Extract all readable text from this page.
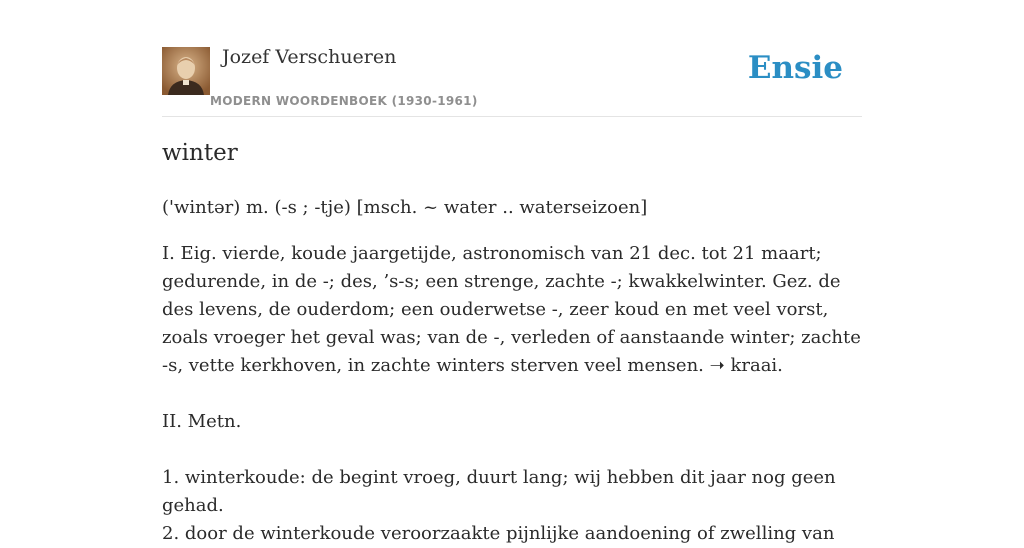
Jozef Verschueren
MODERN WOORDENBOEK (1930-1961)
Ensie
winter

('wintər) m. (-s ; -tje) [msch. ~ water .. waterseizoen]

I. Eig. vierde, koude jaargetijde, astronomisch van 21 dec. tot 21 maart; gedurende, in de -; des, ’s-s; een strenge, zachte -; kwakkelwinter. Gez. de des levens, de ouderdom; een ouderwetse -, zeer koud en met veel vorst, zoals vroeger het geval was; van de -, verleden of aanstaande winter; zachte -s, vette kerkhoven, in zachte winters sterven veel mensen. ➝ kraai.

II. Metn.

1. winterkoude: de begint vroeg, duurt lang; wij hebben dit jaar nog geen gehad.

2. door de winterkoude veroorzaakte pijnlijke aandoening of zwelling van
